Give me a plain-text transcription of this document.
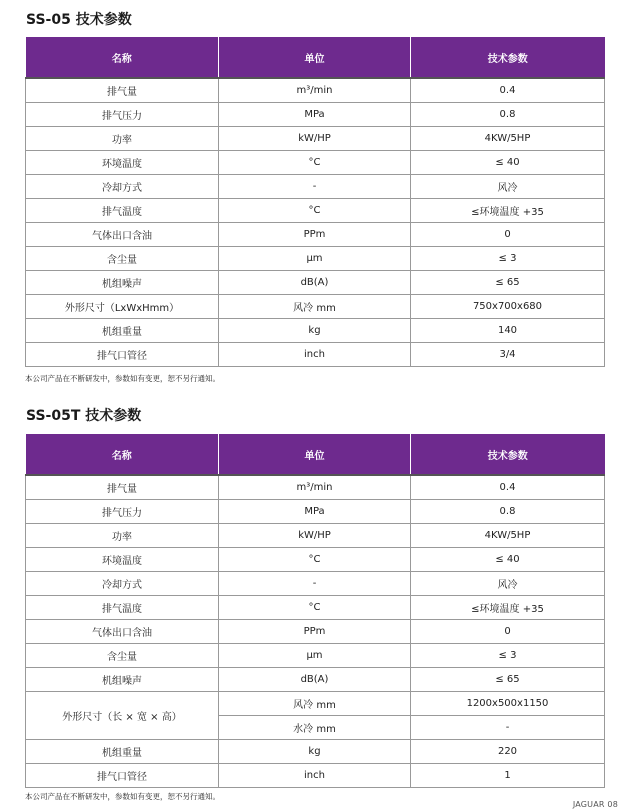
SS-05 技术参数
名称	单位	技术参数
排气量	m³/min	0.4
排气压力	MPa	0.8
功率	kW/HP	4KW/5HP
环境温度	°C	≤ 40
冷却方式	-	风冷
排气温度	°C	≤环境温度 +35
气体出口含油	PPm	0
含尘量	μm	≤ 3
机组噪声	dB(A)	≤ 65
外形尺寸（LxWxHmm）	风冷 mm	750x700x680
机组重量	kg	140
排气口管径	inch	3/4

本公司产品在不断研发中，参数如有变更，恕不另行通知。

SS-05T 技术参数
名称	单位	技术参数
排气量	m³/min	0.4
排气压力	MPa	0.8
功率	kW/HP	4KW/5HP
环境温度	°C	≤ 40
冷却方式	-	风冷
排气温度	°C	≤环境温度 +35
气体出口含油	PPm	0
含尘量	μm	≤ 3
机组噪声	dB(A)	≤ 65
外形尺寸（长 × 宽 × 高）	风冷 mm	1200x500x1150
	水冷 mm	-
机组重量	kg	220
排气口管径	inch	1

本公司产品在不断研发中，参数如有变更，恕不另行通知。

JAGUAR 08
